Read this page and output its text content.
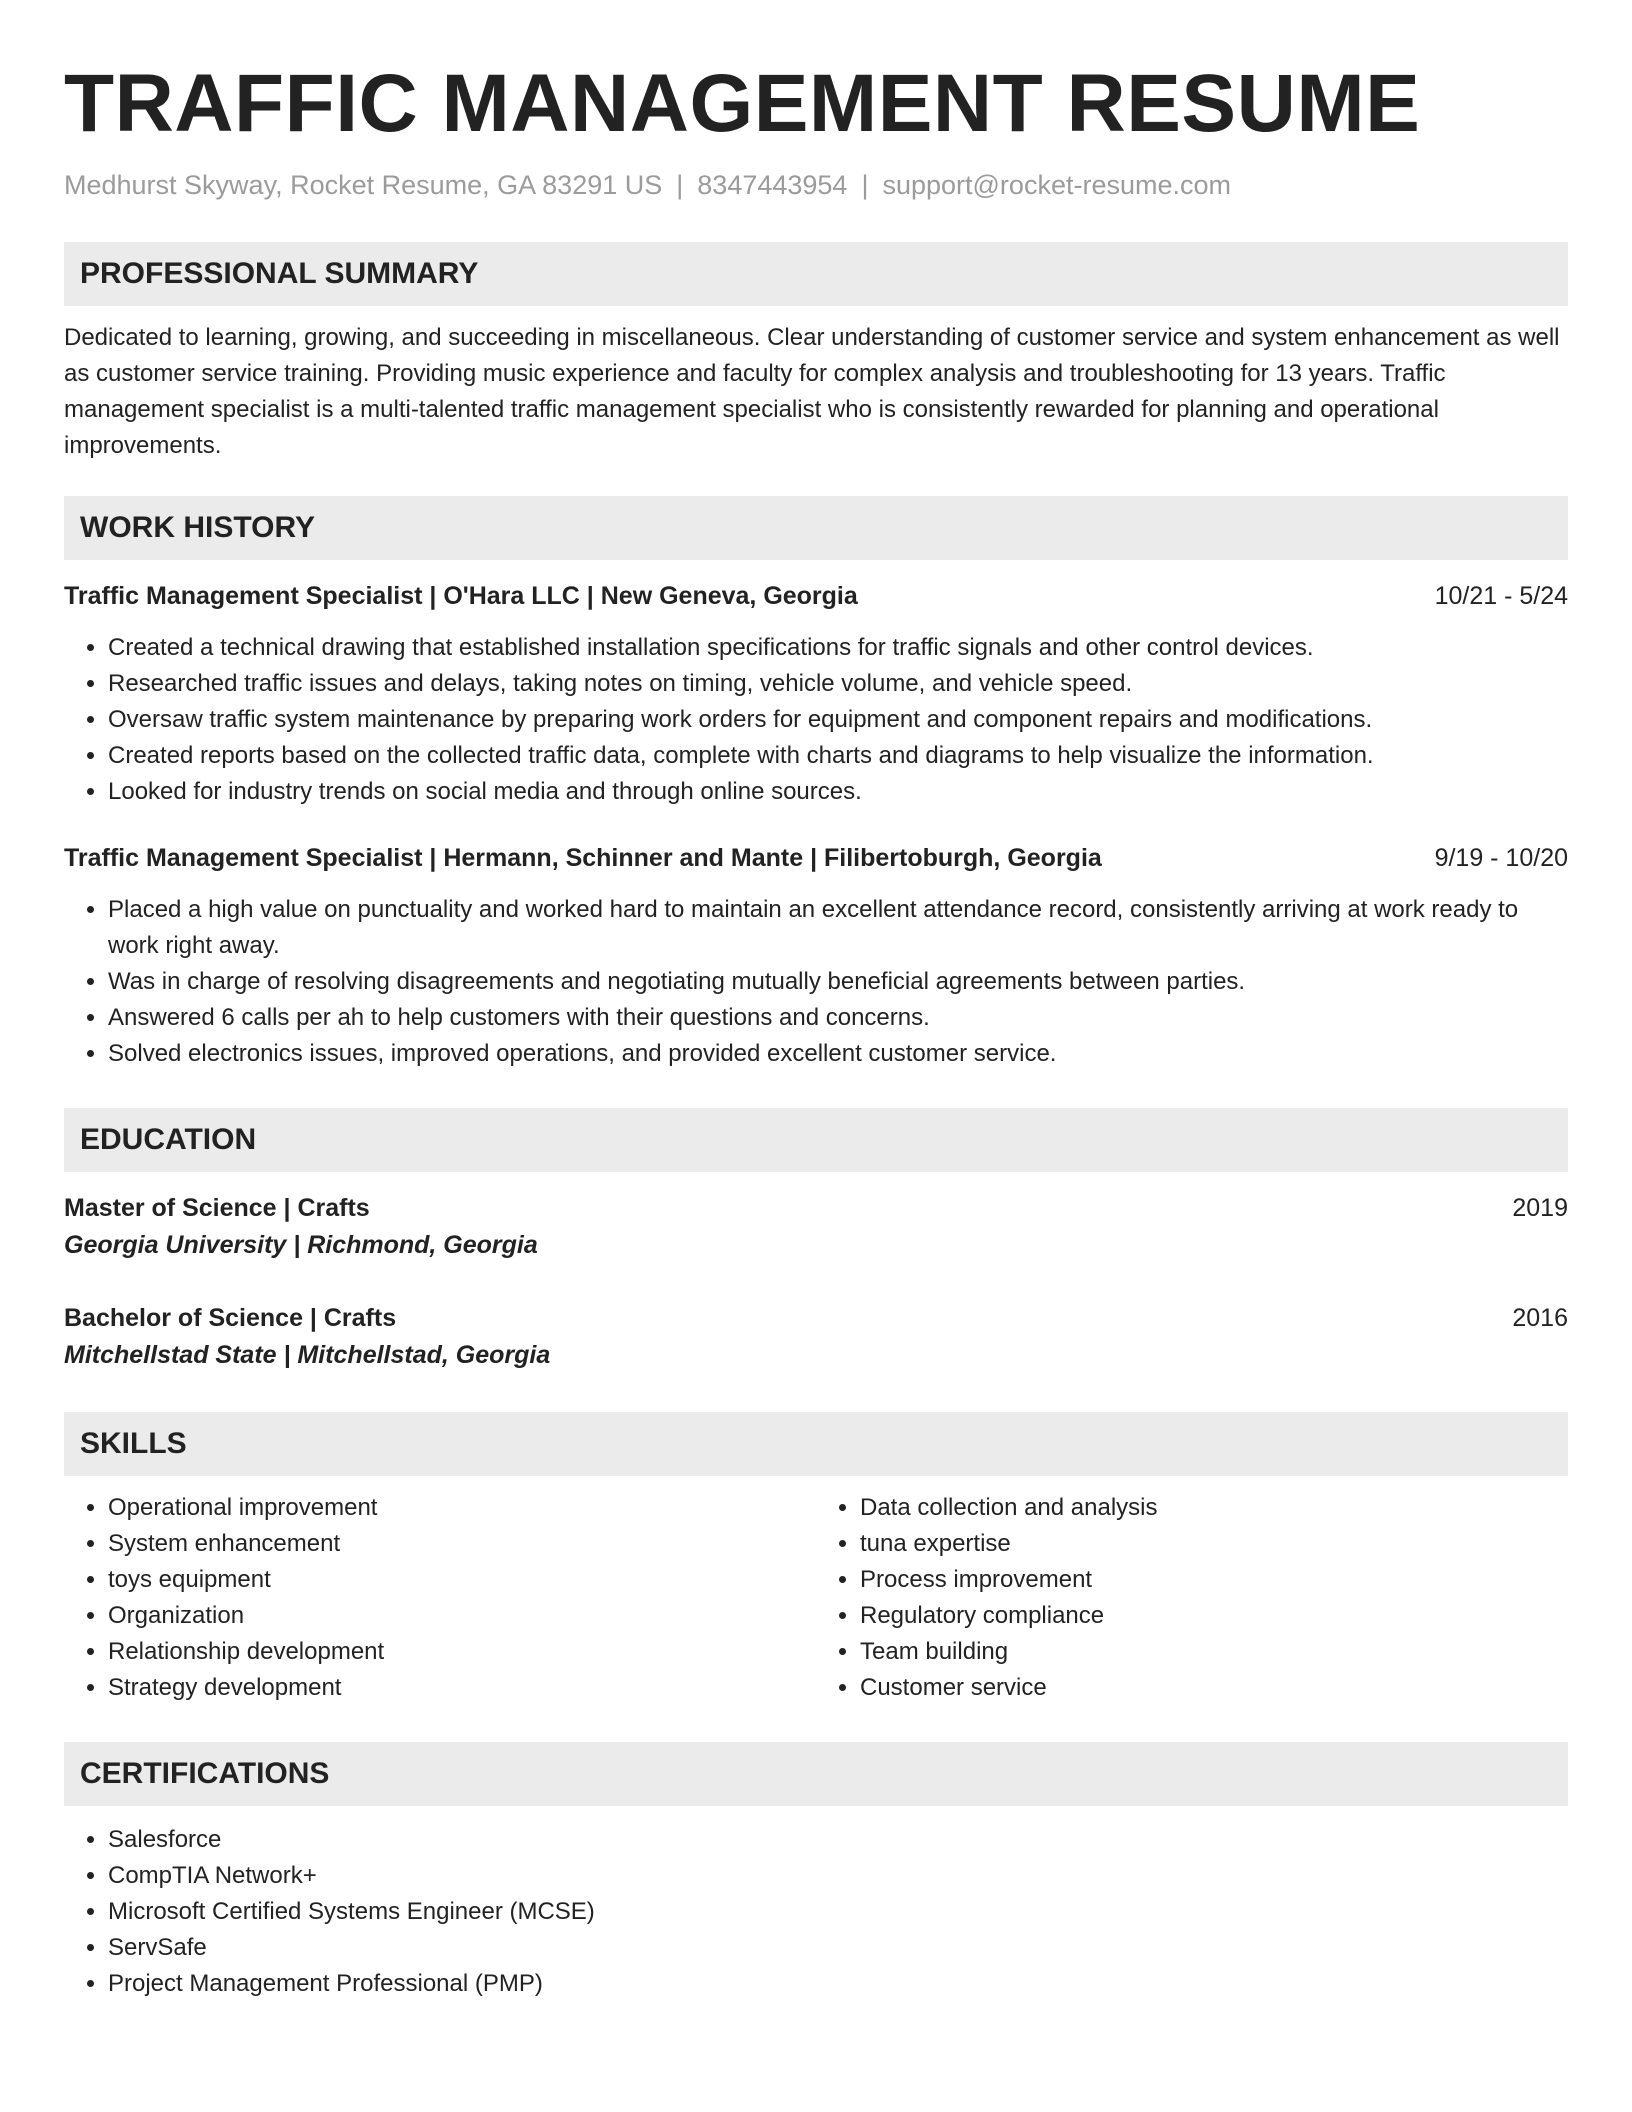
TRAFFIC MANAGEMENT RESUME
Medhurst Skyway, Rocket Resume, GA 83291 US | 8347443954 | support@rocket-resume.com
PROFESSIONAL SUMMARY

Dedicated to learning, growing, and succeeding in miscellaneous. Clear understanding of customer service and system enhancement as well as customer service training. Providing music experience and faculty for complex analysis and troubleshooting for 13 years. Traffic management specialist is a multi-talented traffic management specialist who is consistently rewarded for planning and operational improvements.

WORK HISTORY
Traffic Management Specialist | O'Hara LLC | New Geneva, Georgia	10/21 - 5/24
• Created a technical drawing that established installation specifications for traffic signals and other control devices.
• Researched traffic issues and delays, taking notes on timing, vehicle volume, and vehicle speed.
• Oversaw traffic system maintenance by preparing work orders for equipment and component repairs and modifications.
• Created reports based on the collected traffic data, complete with charts and diagrams to help visualize the information.
• Looked for industry trends on social media and through online sources.
Traffic Management Specialist | Hermann, Schinner and Mante | Filibertoburgh, Georgia	9/19 - 10/20
• Placed a high value on punctuality and worked hard to maintain an excellent attendance record, consistently arriving at work ready to work right away.
• Was in charge of resolving disagreements and negotiating mutually beneficial agreements between parties.
• Answered 6 calls per ah to help customers with their questions and concerns.
• Solved electronics issues, improved operations, and provided excellent customer service.
EDUCATION
Master of Science | Crafts	2019
Georgia University | Richmond, Georgia
Bachelor of Science | Crafts	2016
Mitchellstad State | Mitchellstad, Georgia
SKILLS
• Operational improvement
• System enhancement
• toys equipment
• Organization
• Relationship development
• Strategy development
• Data collection and analysis
• tuna expertise
• Process improvement
• Regulatory compliance
• Team building
• Customer service
CERTIFICATIONS
• Salesforce
• CompTIA Network+
• Microsoft Certified Systems Engineer (MCSE)
• ServSafe
• Project Management Professional (PMP)
